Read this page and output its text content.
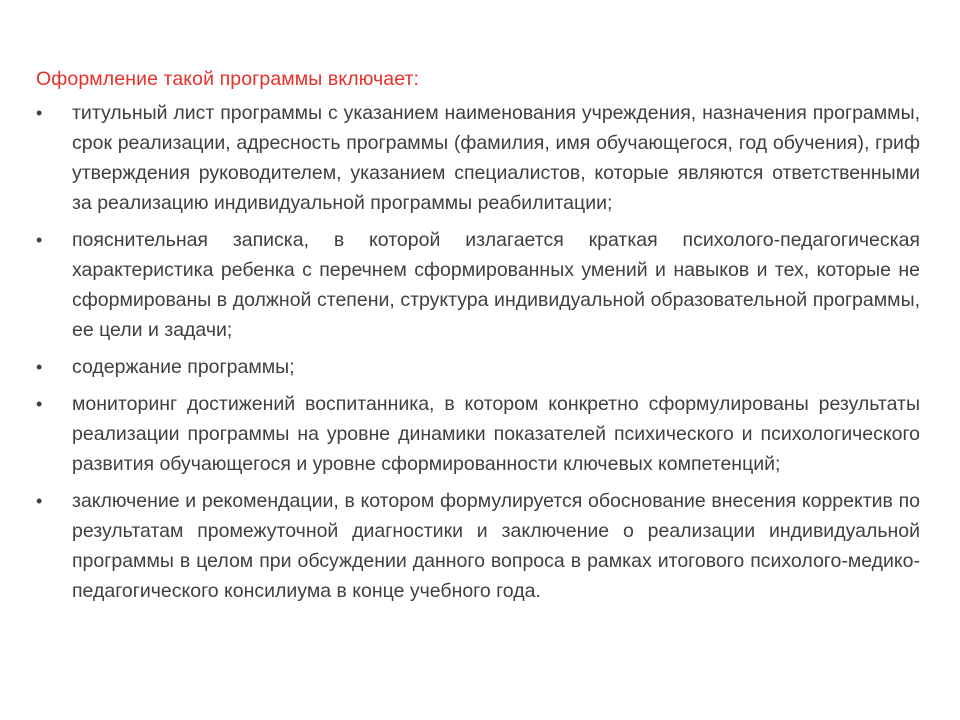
Оформление такой программы включает:
• титульный лист программы с указанием наименования учреждения, назначения программы, срок реализации, адресность программы (фамилия, имя обучающегося, год обучения), гриф утверждения руководителем, указанием специалистов, которые являются ответственными за реализацию индивидуальной программы реабилитации;
• пояснительная записка, в которой излагается краткая психолого-педагогическая характеристика ребенка с перечнем сформированных умений и навыков и тех, которые не сформированы в должной степени, структура индивидуальной образовательной программы, ее цели и задачи;
• содержание программы;
• мониторинг достижений воспитанника, в котором конкретно сформулированы результаты реализации программы на уровне динамики показателей психического и психологического развития обучающегося и уровне сформированности ключевых компетенций;
• заключение и рекомендации, в котором формулируется обоснование внесения корректив по результатам промежуточной диагностики и заключение о реализации индивидуальной программы в целом при обсуждении данного вопроса в рамках итогового психолого-медико-педагогического консилиума в конце учебного года.
